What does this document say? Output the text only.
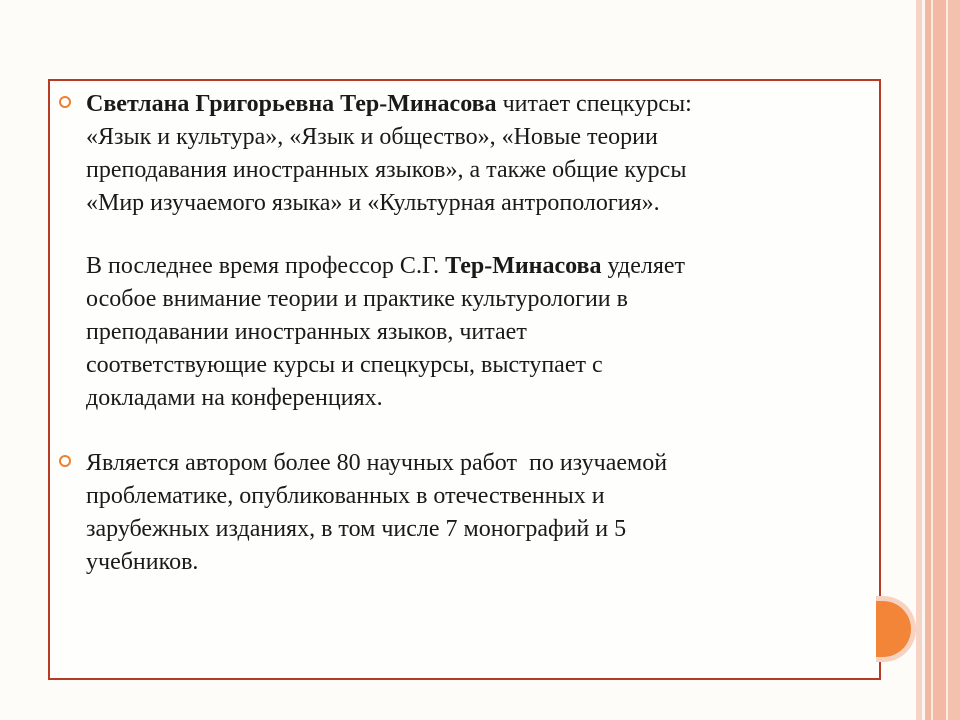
Светлана Григорьевна Тер-Минасова читает спецкурсы:
«Язык и культура», «Язык и общество», «Новые теории
преподавания иностранных языков», а также общие курсы
«Мир изучаемого языка» и «Культурная антропология».
В последнее время профессор С.Г. Тер-Минасова уделяет
особое внимание теории и практике культурологии в
преподавании иностранных языков, читает
соответствующие курсы и спецкурсы, выступает с
докладами на конференциях.
Является автором более 80 научных работ  по изучаемой
проблематике, опубликованных в отечественных и
зарубежных изданиях, в том числе 7 монографий и 5
учебников.
